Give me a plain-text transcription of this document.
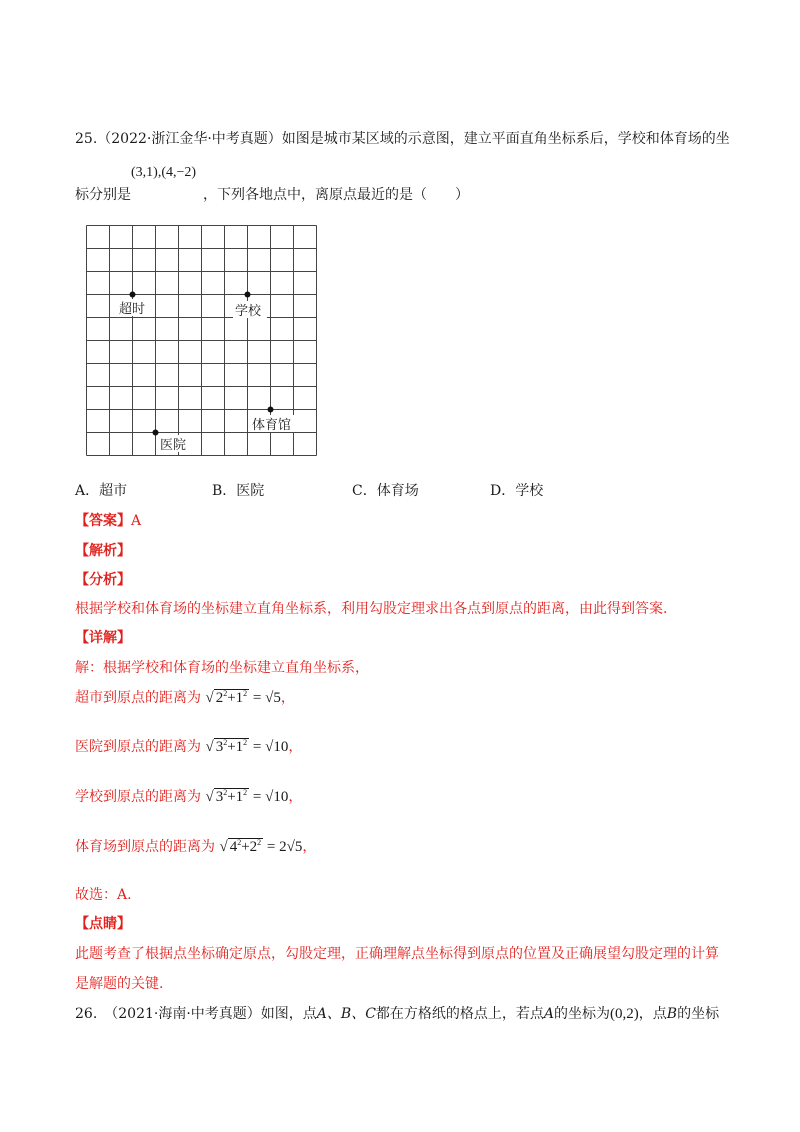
25.（2022·浙江金华·中考真题）如图是城市某区域的示意图，建立平面直角坐标系后，学校和体育场的坐
(3,1),(4,−2)
标分别是	，下列各地点中，离原点最近的是（　　）
超时	学校
体育馆
医院
A．超市	B．医院	C．体育场	D．学校
【答案】A
【解析】
【分析】
根据学校和体育场的坐标建立直角坐标系，利用勾股定理求出各点到原点的距离，由此得到答案.
【详解】
解：根据学校和体育场的坐标建立直角坐标系，
超市到原点的距离为 √ $2^2+1^2 = √5$，
医院到原点的距离为 √ $3^2+1^2 = √10$，
学校到原点的距离为 √ $3^2+1^2 = √10$，
体育场到原点的距离为 √ $4^2+2^2 = 2√5$，
故选：A.
【点睛】
此题考查了根据点坐标确定原点，勾股定理，正确理解点坐标得到原点的位置及正确展望勾股定理的计算
是解题的关键.
26.　（2021·海南·中考真题）如图，点A、B、C都在方格纸的格点上，若点A的坐标为(0,2)，点B的坐标
